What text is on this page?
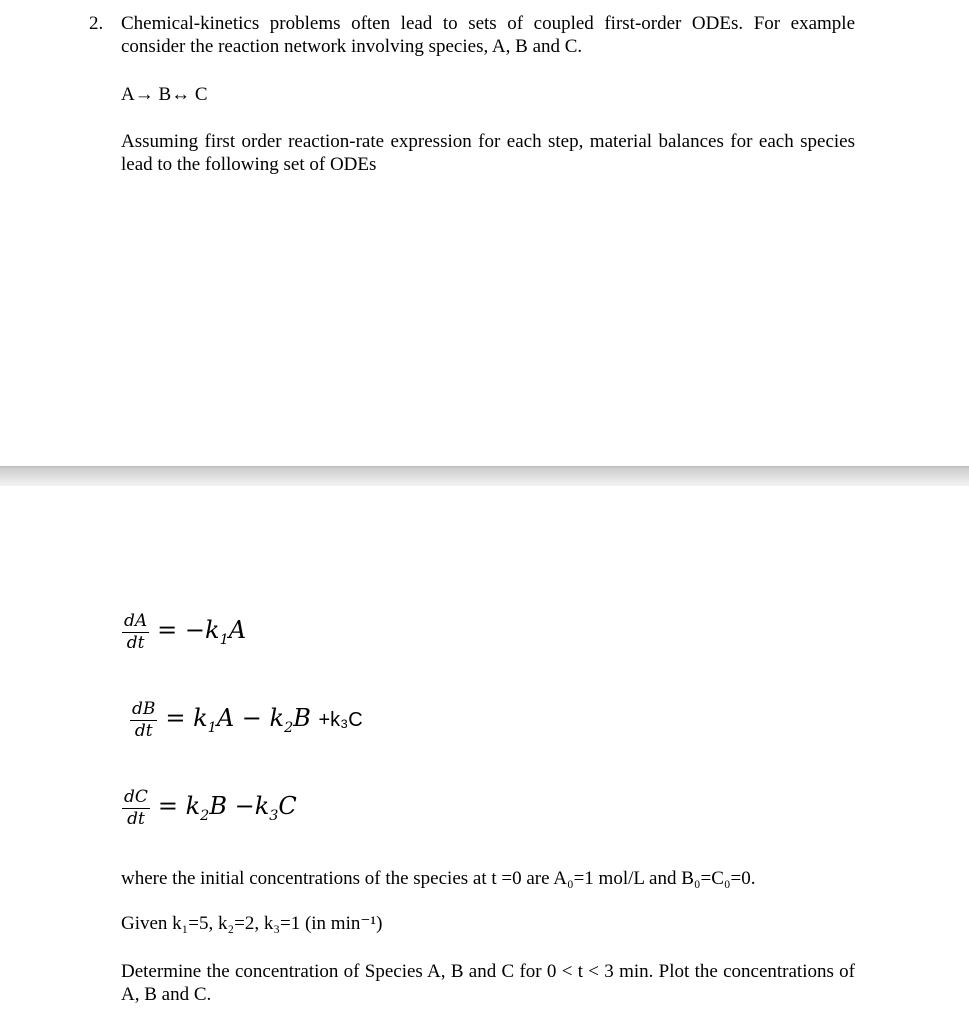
2. Chemical-kinetics problems often lead to sets of coupled first-order ODEs. For example consider the reaction network involving species, A, B and C.
A→ B↔ C
Assuming first order reaction-rate expression for each step, material balances for each species lead to the following set of ODEs
$\frac{dA}{dt} = -k_1A$
$\frac{dB}{dt} = k_1A - k_2B +k_3C$
$\frac{dC}{dt} = k_2B -k_3C$
where the initial concentrations of the species at t =0 are A₀=1 mol/L and B₀=C₀=0.
Given k₁=5, k₂=2, k₃=1 (in min⁻¹)
Determine the concentration of Species A, B and C for 0 < t < 3 min. Plot the concentrations of A, B and C.
